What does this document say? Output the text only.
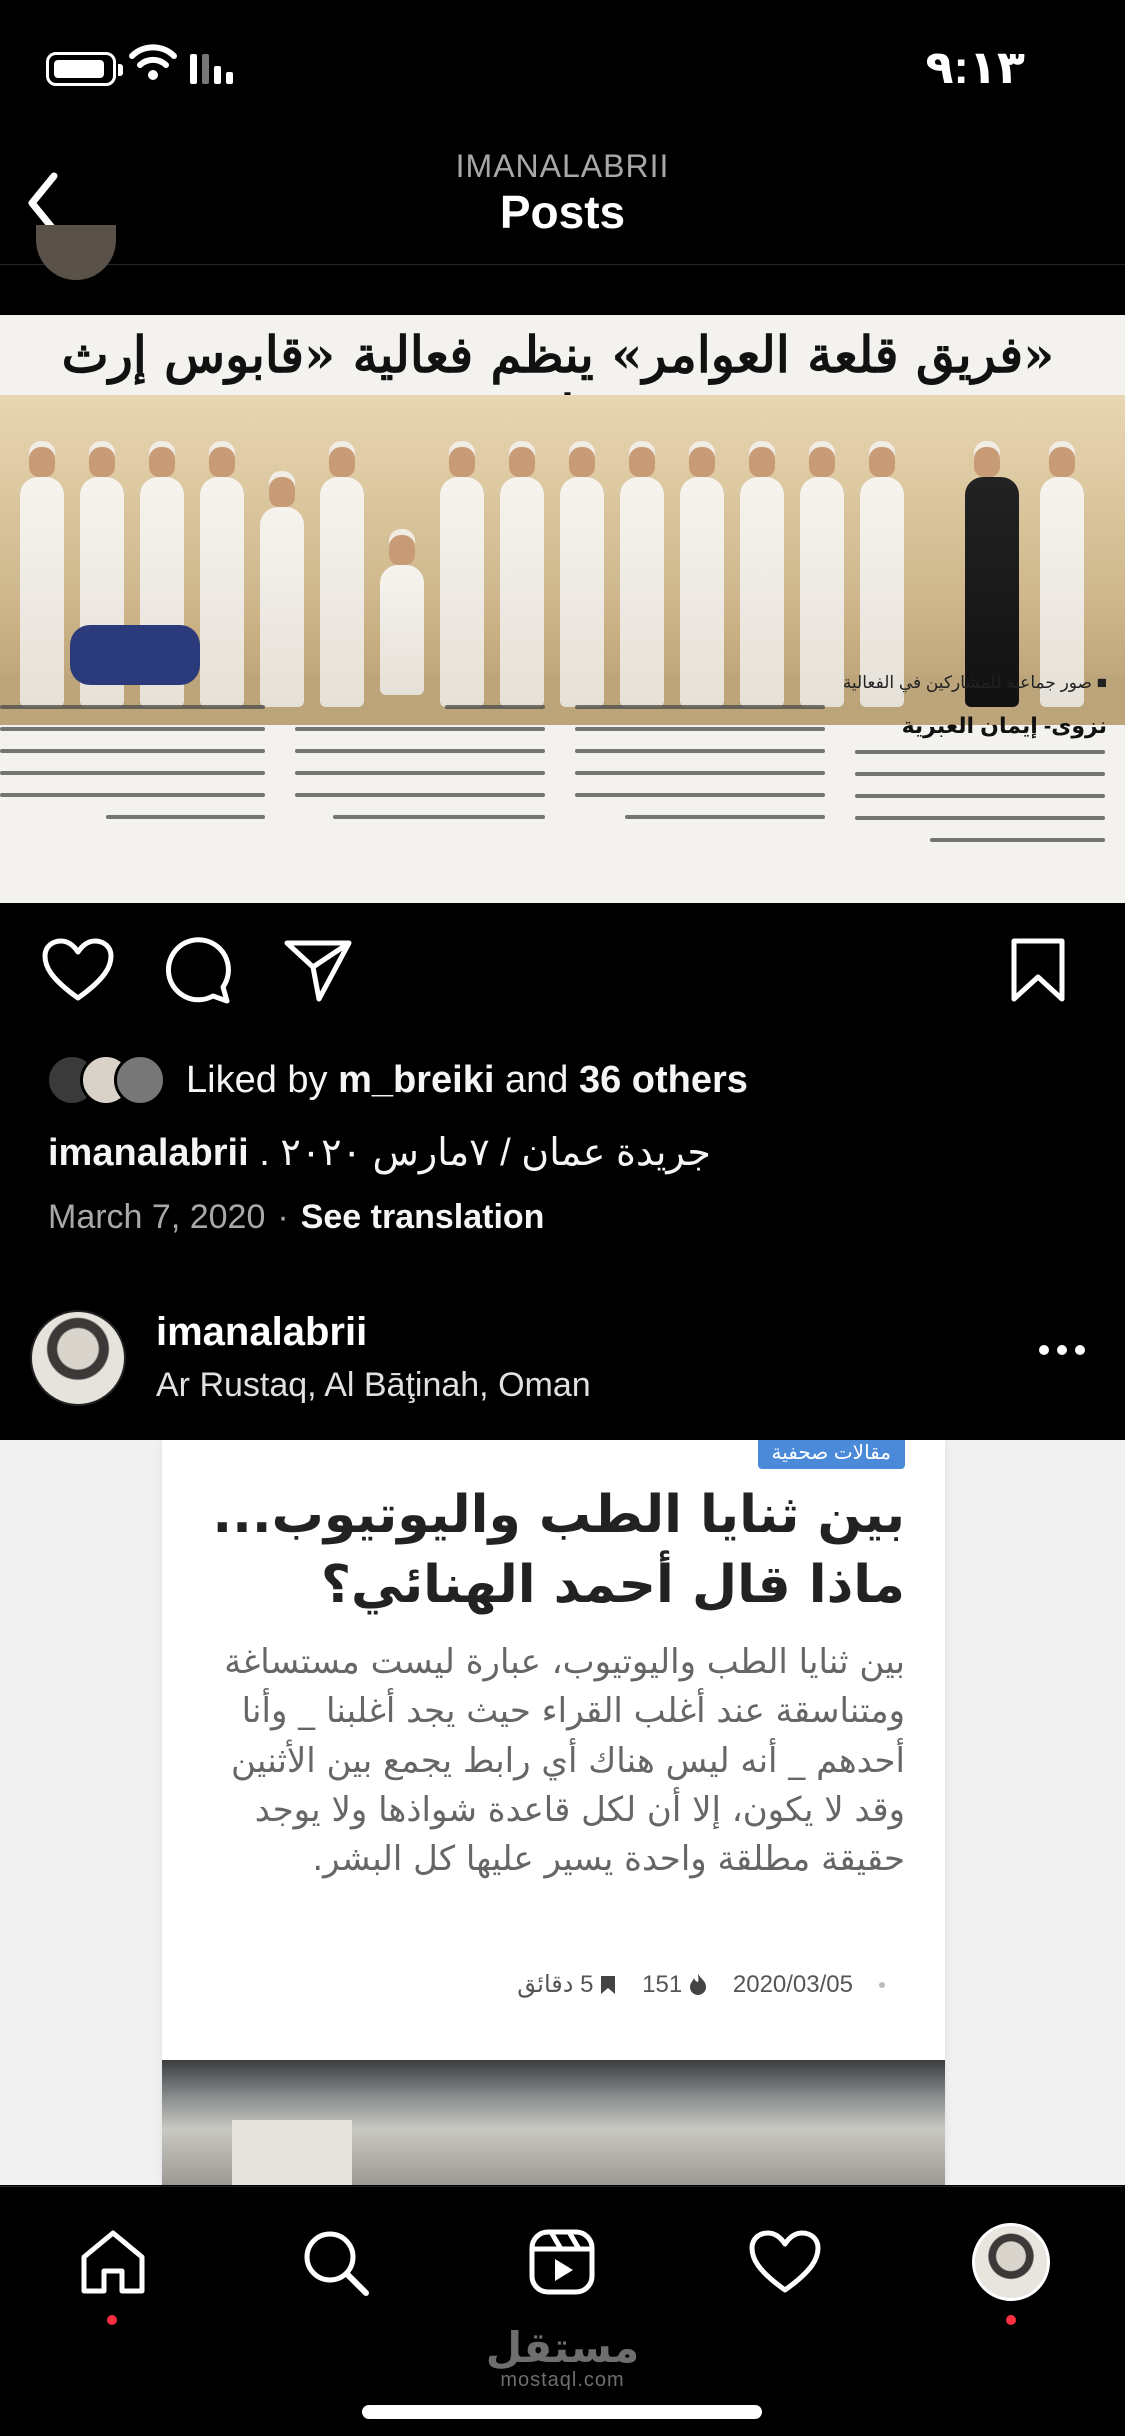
٩:١٣
IMANALABRII
Posts
«فريق قلعة العوامر» ينظم فعالية «قابوس إرث
■ صور جماعية للمشاركين في الفعالية
نزوى- إيمان العبرية
Liked by m_breiki and 36 others
imanalabrii . جريدة عمان / ٧مارس ٢٠٢٠
March 7, 2020 · See translation
imanalabrii
Ar Rustaq, Al Bāţinah, Oman
مقالات صحفية
بين ثنايا الطب واليوتيوب... ماذا قال أحمد الهنائي؟
بين ثنايا الطب واليوتيوب، عبارة ليست مستساغة ومتناسقة عند أغلب القراء حيث يجد أغلبنا _ وأنا أحدهم _ أنه ليس هناك أي رابط يجمع بين الأثنين وقد لا يكون، إلا أن لكل قاعدة شواذها ولا يوجد حقيقة مطلقة واحدة يسير عليها كل البشر.
2020/03/05
151
5 دقائق
مستقل
mostaql.com
